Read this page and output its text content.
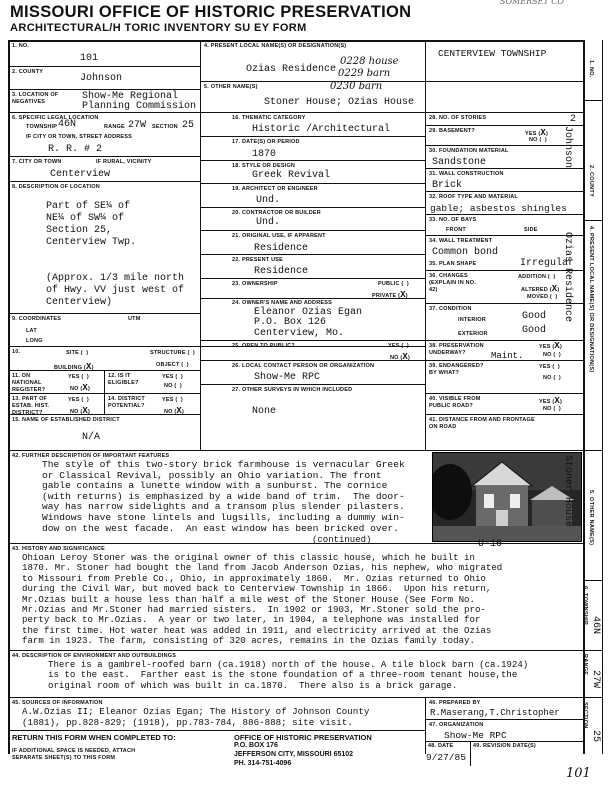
MISSOURI OFFICE OF HISTORIC PRESERVATION
ARCHITECTURAL/H TORIC INVENTORY SU EY FORM
SOMERSET CO
1. NO.
101
2. COUNTY
Johnson
3. LOCATION OF NEGATIVES	Show-Me Regional Planning Commission
6. SPECIFIC LEGAL LOCATION
TOWNSHIP 46N	RANGE 27W SECTION 25
IF CITY OR TOWN, STREET ADDRESS
R. R. # 2
7. CITY OR TOWN	IF RURAL, VICINITY
Centerview
8. DESCRIPTION OF LOCATION
Part of SE¼ of
NE¼ of SW¼ of
Section 25,
Centerview Twp.
(Approx. 1/3 mile north
of Hwy. VV just west of
Centerview)
9. COORDINATES	UTM
LAT
LONG
10.	SITE (  )	STRUCTURE (  )
BUILDING (X)	OBJECT (  )
11. ON NATIONAL REGISTER?
YES (  )
NO (X)
12. IS IT ELIGIBLE?
YES (  )
NO (  )
13. PART OF ESTAB. HIST. DISTRICT?
YES (  )
NO (X)
14. DISTRICT POTENTIAL?
YES (  )
NO (X)
15. NAME OF ESTABLISHED DISTRICT
N/A
4. PRESENT LOCAL NAME(S) OR DESIGNATION(S)
CENTERVIEW TOWNSHIP
Ozias Residence
0228 house
0229 barn
5. OTHER NAME(S)	0230 barn
Stoner House; Ozias House
16. THEMATIC CATEGORY
Historic /Architectural
17. DATE(S) OR PERIOD
1870
18. STYLE OR DESIGN
Greek Revival
19. ARCHITECT OR ENGINEER
Und.
20. CONTRACTOR OR BUILDER
Und.
21. ORIGINAL USE, IF APPARENT
Residence
22. PRESENT USE
Residence
23. OWNERSHIP	PUBLIC (  )
PRIVATE (X)
24. OWNER'S NAME AND ADDRESS
Eleanor Ozias Egan
P.O. Box 126
Centerview, Mo.
25. OPEN TO PUBLIC?	YES (  )
NO (X)
26. LOCAL CONTACT PERSON OR ORGANIZATION
Show-Me RPC
27. OTHER SURVEYS IN WHICH INCLUDED
None
28. NO. OF STORIES	2
29. BASEMENT?	YES (X)
NO (  )
30. FOUNDATION MATERIAL
Sandstone
31. WALL CONSTRUCTION
Brick
32. ROOF TYPE AND MATERIAL
gable; asbestos shingles
33. NO. OF BAYS
FRONT	SIDE
34. WALL TREATMENT
Common bond
35. PLAN SHAPE	Irregular
36. CHANGES (EXPLAIN IN NO. 42)
ADDITION (  )
ALTERED (X)
MOVED (  )
37. CONDITION
INTERIOR	Good
EXTERIOR	Good
38. PRESERVATION UNDERWAY?
YES (X)
Maint.	NO (  )
39. ENDANGERED? BY WHAT?
YES (  )
NO (  )
40. VISIBLE FROM PUBLIC ROAD?
YES (X)
NO (  )
41. DISTANCE FROM AND FRONTAGE ON ROAD
42. FURTHER DESCRIPTION OF IMPORTANT FEATURES
The style of this two-story brick farmhouse is vernacular Greek
or Classical Revival, possibly an Ohio variation. The front
gable contains a lunette window with a sunburst. The cornice
(with returns) is emphasized by a wide band of trim.  The door-
way has narrow sidelights and a transom plus slender pilasters.
Windows have stone lintels and lugsills, including a dummy win-
dow on the west facade.  An east window has been bricked over.
(continued)
43. HISTORY AND SIGNIFICANCE	U-16
Ohioan Leroy Stoner was the original owner of this classic house, which he built in
1870. Mr. Stoner had bought the land from Jacob Anderson Ozias, his nephew, who migrated
to Missouri from Preble Co., Ohio, in approximately 1860.  Mr. Ozias returned to Ohio
during the Civil War, but moved back to Centerview Township in 1866.  Upon his return,
Mr.Ozias built a house less than half a mile west of the Stoner House (See Form No.
Mr.Ozias and Mr.Stoner had married sisters.  In 1902 or 1903, Mr.Stoner sold the pro-
perty back to Mr.Ozias.  A year or two later, in 1904, a telephone was installed for
the first time. Hot water heat was added in 1911, and electricity arrived at the Ozias
farm in 1923. The farm, consisting of 320 acres, remains in the Ozias family today.
44. DESCRIPTION OF ENVIRONMENT AND OUTBUILDINGS
There is a gambrel-roofed barn (ca.1918) north of the house. A tile block barn (ca.1924)
is to the east.  Farther east is the stone foundation of a three-room tenant house,the
original room of which was built in ca.1870.  There also is a brick garage.
45. SOURCES OF INFORMATION
A.W.Ozias II; Eleanor Ozias Egan; The History of Johnson County
(1881), pp.828-829; (1918), pp.783-784, 886-888; site visit.
46. PREPARED BY
R.Maserang,T.Christopher
47. ORGANIZATION
Show-Me RPC
48. DATE
9/27/85
49. REVISION DATE(S)
RETURN THIS FORM WHEN COMPLETED TO:	OFFICE OF HISTORIC PRESERVATION
P.O. BOX 176
JEFFERSON CITY, MISSOURI 65102
PH. 314-751-4096
IF ADDITIONAL SPACE IS NEEDED, ATTACH SEPARATE SHEET(S) TO THIS FORM
101
1. NO.
2. COUNTY
Johnson
4. PRESENT LOCAL NAME(S) OR DESIGNATION(S)
Ozias Residence
5. OTHER NAME(S)
Stoner House
6. TOWNSHIP
46N
RANGE
27W
SECTION
25
